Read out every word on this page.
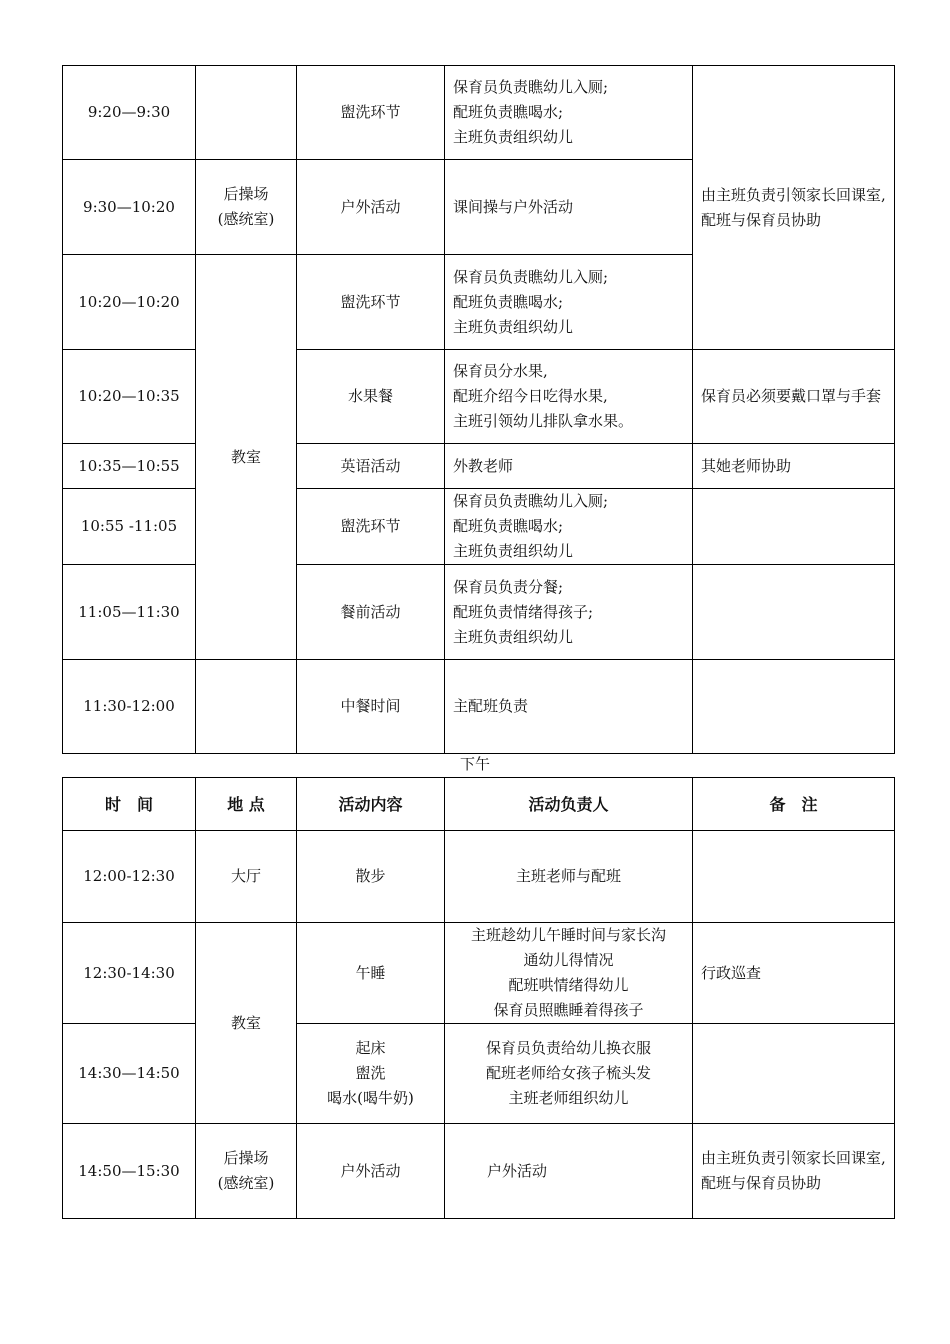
9:20—9:30		盥洗环节	保育员负责瞧幼儿入厕;
配班负责瞧喝水;
主班负责组织幼儿	由主班负责引领家长回课室,配班与保育员协助
9:30—10:20	后操场
(感统室)	户外活动	课间操与户外活动	
10:20—10:20	教室	盥洗环节	保育员负责瞧幼儿入厕;
配班负责瞧喝水;
主班负责组织幼儿	
10:20—10:35		水果餐	保育员分水果,
配班介绍今日吃得水果,
主班引领幼儿排队拿水果。	保育员必须要戴口罩与手套
10:35—10:55		英语活动	外教老师	其她老师协助
10:55 -11:05		盥洗环节	保育员负责瞧幼儿入厕;
配班负责瞧喝水;
主班负责组织幼儿	
11:05—11:30		餐前活动	保育员负责分餐;
配班负责情绪得孩子;
主班负责组织幼儿	
11:30-12:00		中餐时间	主配班负责	
下午
时　间	地 点	活动内容	活动负责人	备　注
12:00-12:30	大厅	散步	主班老师与配班	
12:30-14:30	教室	午睡	主班趁幼儿午睡时间与家长沟
通幼儿得情况
配班哄情绪得幼儿
保育员照瞧睡着得孩子	行政巡查
14:30—14:50		起床
盥洗
喝水(喝牛奶)	保育员负责给幼儿换衣服
配班老师给女孩子梳头发
主班老师组织幼儿	
14:50—15:30	后操场
(感统室)	户外活动	户外活动	由主班负责引领家长回课室,配班与保育员协助
